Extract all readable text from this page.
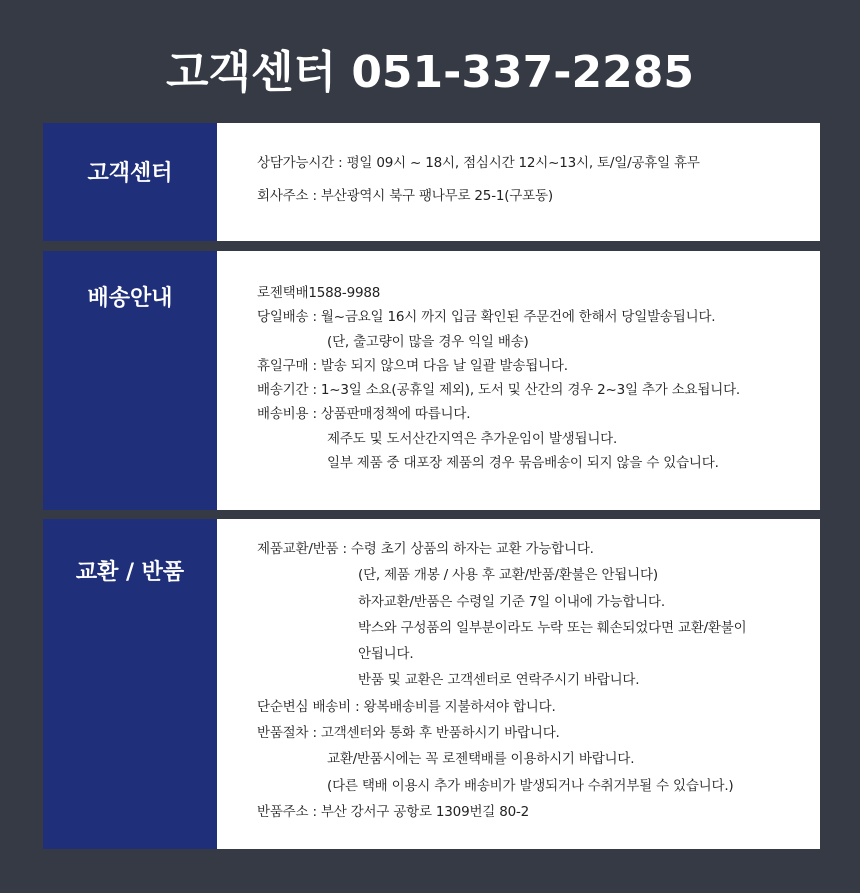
고객센터 051-337-2285
고객센터	상담가능시간 : 평일 09시 ~ 18시, 점심시간 12시~13시, 토/일/공휴일 휴무
회사주소 : 부산광역시 북구 팽나무로 25-1(구포동)
배송안내	로젠택배1588-9988
당일배송 : 월~금요일 16시 까지 입금 확인된 주문건에 한해서 당일발송됩니다.
(단, 출고량이 많을 경우 익일 배송)
휴일구매 : 발송 되지 않으며 다음 날 일괄 발송됩니다.
배송기간 : 1~3일 소요(공휴일 제외), 도서 및 산간의 경우 2~3일 추가 소요됩니다.
배송비용 : 상품판매정책에 따릅니다.
제주도 및 도서산간지역은 추가운임이 발생됩니다.
일부 제품 중 대포장 제품의 경우 묶음배송이 되지 않을 수 있습니다.
교환 / 반품
제품교환/반품 : 수령 초기 상품의 하자는 교환 가능합니다.
(단, 제품 개봉 / 사용 후 교환/반품/환불은 안됩니다)
하자교환/반품은 수령일 기준 7일 이내에 가능합니다.
박스와 구성품의 일부분이라도 누락 또는 훼손되었다면 교환/환불이
안됩니다.
반품 및 교환은 고객센터로 연락주시기 바랍니다.
단순변심 배송비 : 왕복배송비를 지불하셔야 합니다.
반품절차 : 고객센터와 통화 후 반품하시기 바랍니다.
교환/반품시에는 꼭 로젠택배를 이용하시기 바랍니다.
(다른 택배 이용시 추가 배송비가 발생되거나 수취거부될 수 있습니다.)
반품주소 : 부산 강서구 공항로 1309번길 80-2
